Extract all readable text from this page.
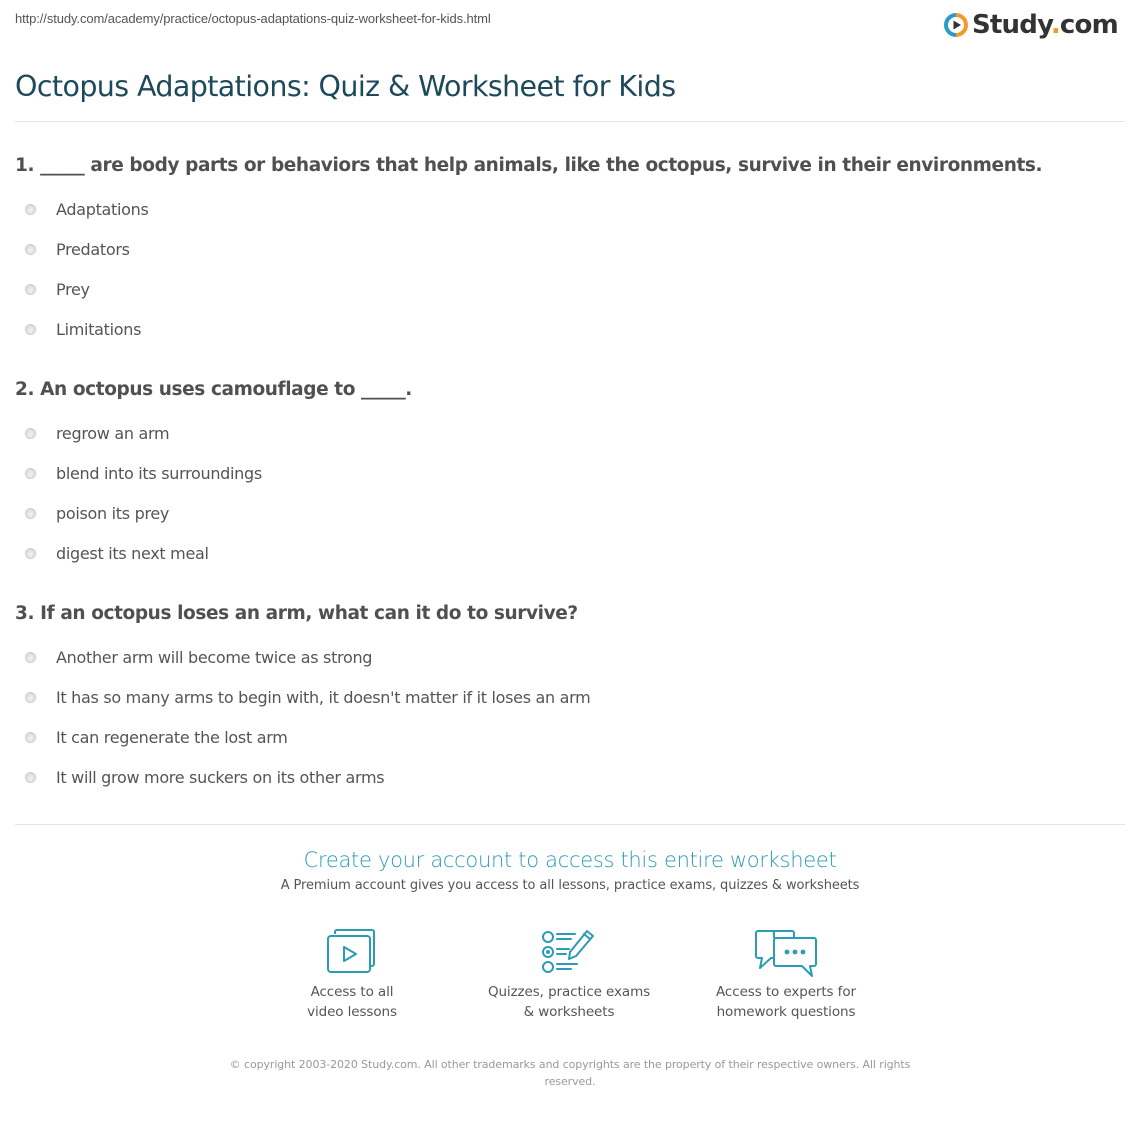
http://study.com/academy/practice/octopus-adaptations-quiz-worksheet-for-kids.html	Study.com
Octopus Adaptations: Quiz & Worksheet for Kids
1. _____ are body parts or behaviors that help animals, like the octopus, survive in their environments.
Adaptations
Predators
Prey
Limitations
2. An octopus uses camouflage to _____.
regrow an arm
blend into its surroundings
poison its prey
digest its next meal
3. If an octopus loses an arm, what can it do to survive?
Another arm will become twice as strong
It has so many arms to begin with, it doesn't matter if it loses an arm
It can regenerate the lost arm
It will grow more suckers on its other arms
Create your account to access this entire worksheet
A Premium account gives you access to all lessons, practice exams, quizzes & worksheets
Access to all
video lessons
Quizzes, practice exams
& worksheets
Access to experts for
homework questions
© copyright 2003-2020 Study.com. All other trademarks and copyrights are the property of their respective owners. All rights reserved.
